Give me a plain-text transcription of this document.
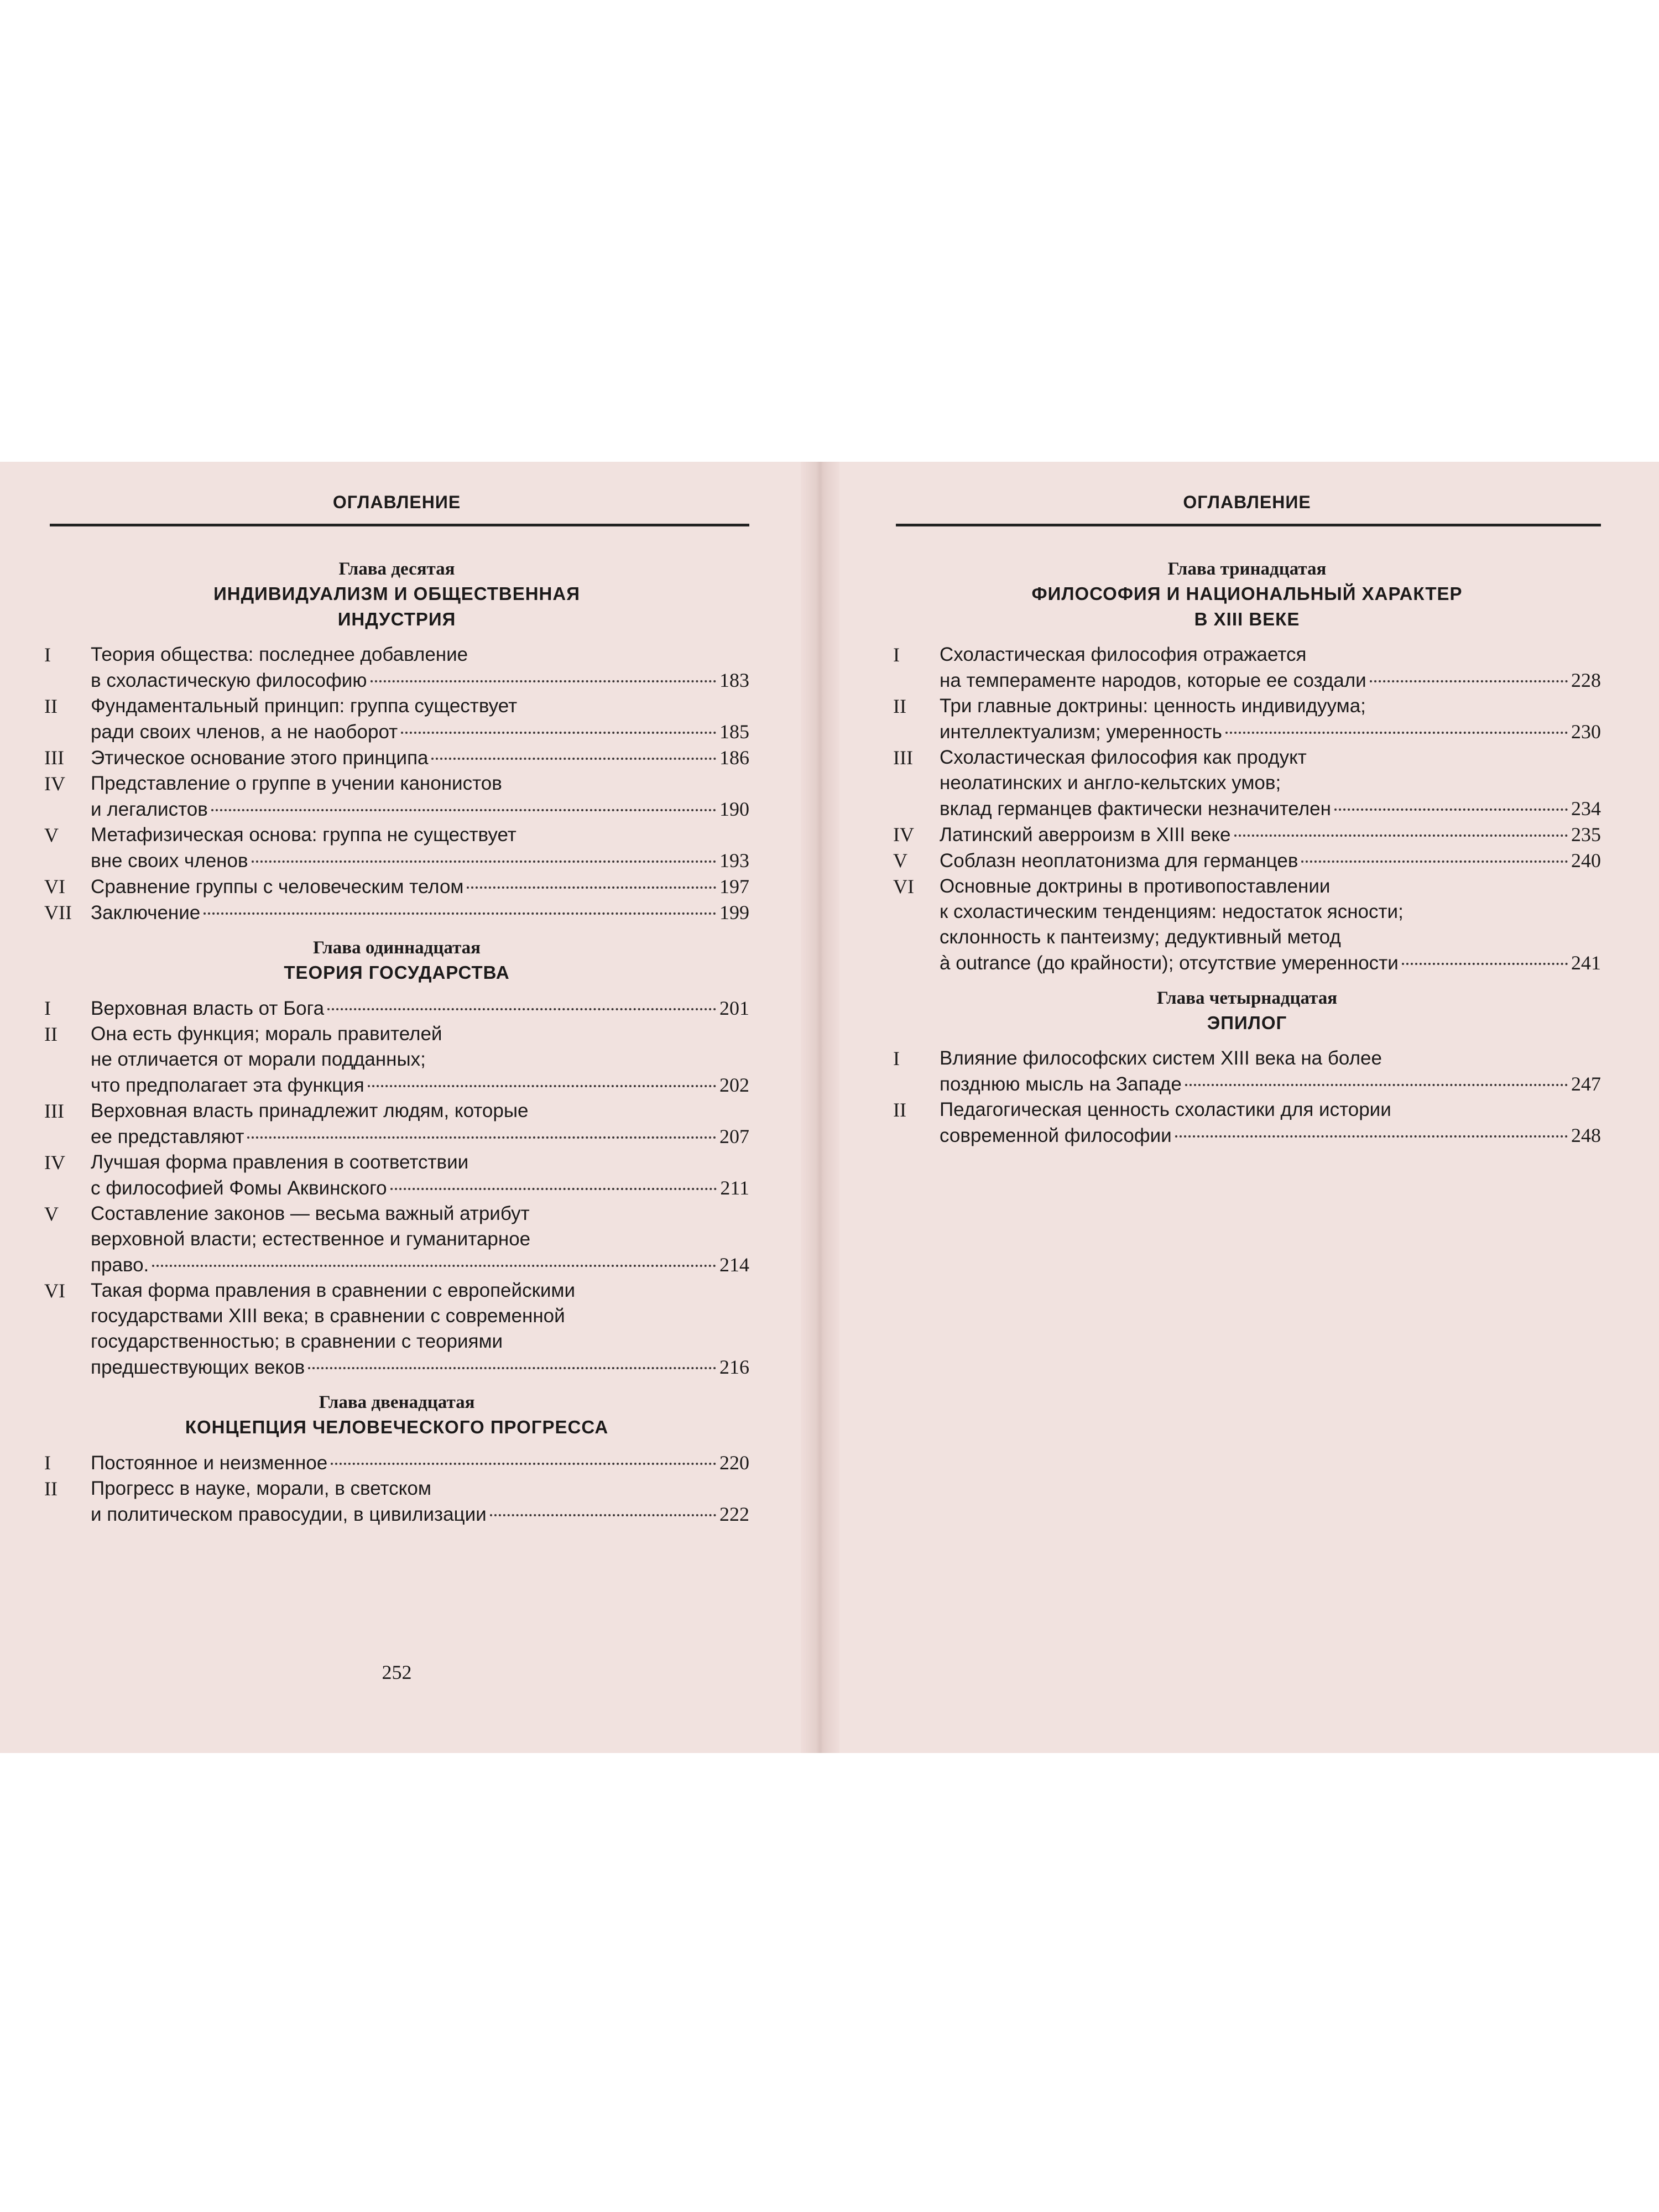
ОГЛАВЛЕНИЕ
Глава десятая
ИНДИВИДУАЛИЗМ И ОБЩЕСТВЕННАЯ
ИНДУСТРИЯ
I Теория общества: последнее добавление
в схоластическую философию	183
II Фундаментальный принцип: группа существует
ради своих членов, а не наоборот	185
III Этическое основание этого принципа	186
IV Представление о группе в учении канонистов
и легалистов	190
V Метафизическая основа: группа не существует
вне своих членов	193
VI Сравнение группы с человеческим телом	197
VII Заключение	199
Глава одиннадцатая
ТЕОРИЯ ГОСУДАРСТВА
I Верховная власть от Бога	201
II Она есть функция; мораль правителей
не отличается от морали подданных;
что предполагает эта функция	202
III Верховная власть принадлежит людям, которые
ее представляют	207
IV Лучшая форма правления в соответствии
с философией Фомы Аквинского	211
V Составление законов — весьма важный атрибут
верховной власти; естественное и гуманитарное
право.	214
VI Такая форма правления в сравнении с европейскими
государствами XIII века; в сравнении с современной
государственностью; в сравнении с теориями
предшествующих веков	216
Глава двенадцатая
КОНЦЕПЦИЯ ЧЕЛОВЕЧЕСКОГО ПРОГРЕССА
I Постоянное и неизменное	220
II Прогресс в науке, морали, в светском
и политическом правосудии, в цивилизации	222
252
ОГЛАВЛЕНИЕ
Глава тринадцатая
ФИЛОСОФИЯ И НАЦИОНАЛЬНЫЙ ХАРАКТЕР
В XIII ВЕКЕ
I Схоластическая философия отражается
на темпераменте народов, которые ее создали	228
II Три главные доктрины: ценность индивидуума;
интеллектуализм; умеренность	230
III Схоластическая философия как продукт
неолатинских и англо-кельтских умов;
вклад германцев фактически незначителен	234
IV Латинский аверроизм в XIII веке	235
V Соблазн неоплатонизма для германцев	240
VI Основные доктрины в противопоставлении
к схоластическим тенденциям: недостаток ясности;
склонность к пантеизму; дедуктивный метод
à outrance (до крайности); отсутствие умеренности	241
Глава четырнадцатая
ЭПИЛОГ
I Влияние философских систем XIII века на более
позднюю мысль на Западе	247
II Педагогическая ценность схоластики для истории
современной философии	248
